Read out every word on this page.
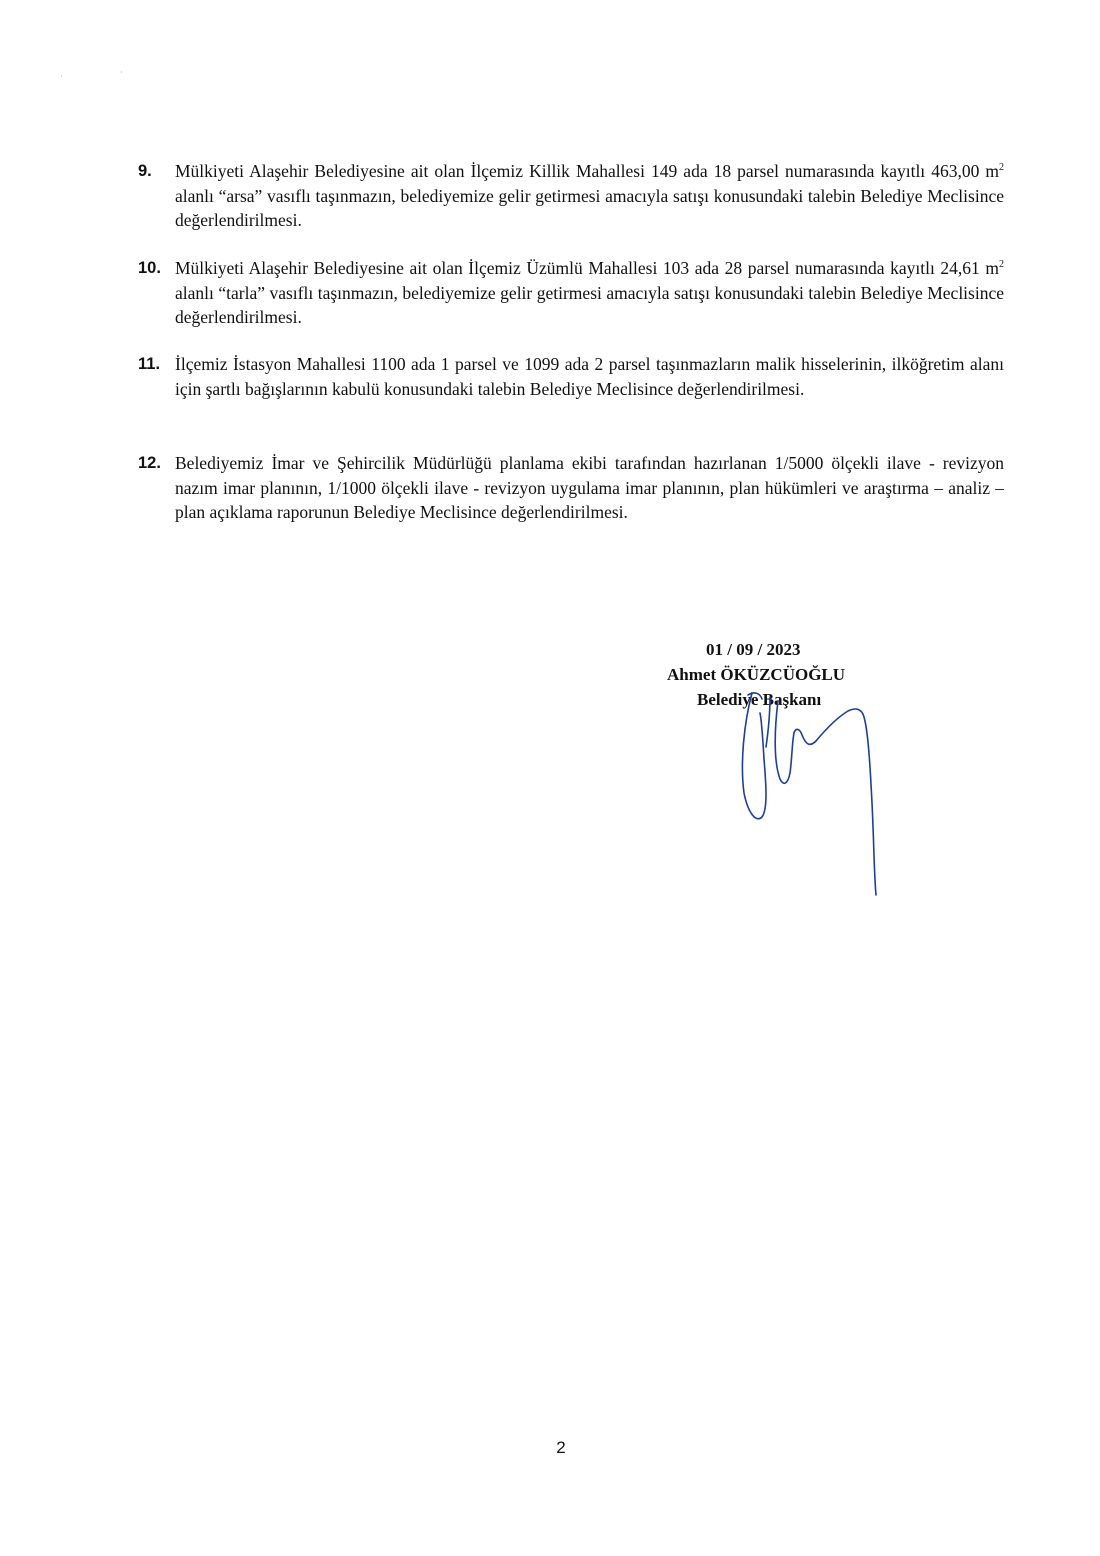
·	·
9.	Mülkiyeti Alaşehir Belediyesine ait olan İlçemiz Killik Mahallesi 149 ada 18 parsel numarasında kayıtlı 463,00 $m^2$ alanlı “arsa” vasıflı taşınmazın, belediyemize gelir getirmesi amacıyla satışı konusundaki talebin Belediye Meclisince değerlendirilmesi.
10. Mülkiyeti Alaşehir Belediyesine ait olan İlçemiz Üzümlü Mahallesi 103 ada 28 parsel numarasında kayıtlı 24,61 $m^2$ alanlı “tarla” vasıflı taşınmazın, belediyemize gelir getirmesi amacıyla satışı konusundaki talebin Belediye Meclisince değerlendirilmesi.
11. İlçemiz İstasyon Mahallesi 1100 ada 1 parsel ve 1099 ada 2 parsel taşınmazların malik hisselerinin, ilköğretim alanı için şartlı bağışlarının kabulü konusundaki talebin Belediye Meclisince değerlendirilmesi.
12. Belediyemiz İmar ve Şehircilik Müdürlüğü planlama ekibi tarafından hazırlanan 1/5000 ölçekli ilave - revizyon nazım imar planının, 1/1000 ölçekli ilave - revizyon uygulama imar planının, plan hükümleri ve araştırma – analiz – plan açıklama raporunun Belediye Meclisince değerlendirilmesi.
01 / 09 / 2023
Ahmet ÖKÜZCÜOĞLU
Belediye Başkanı
2
